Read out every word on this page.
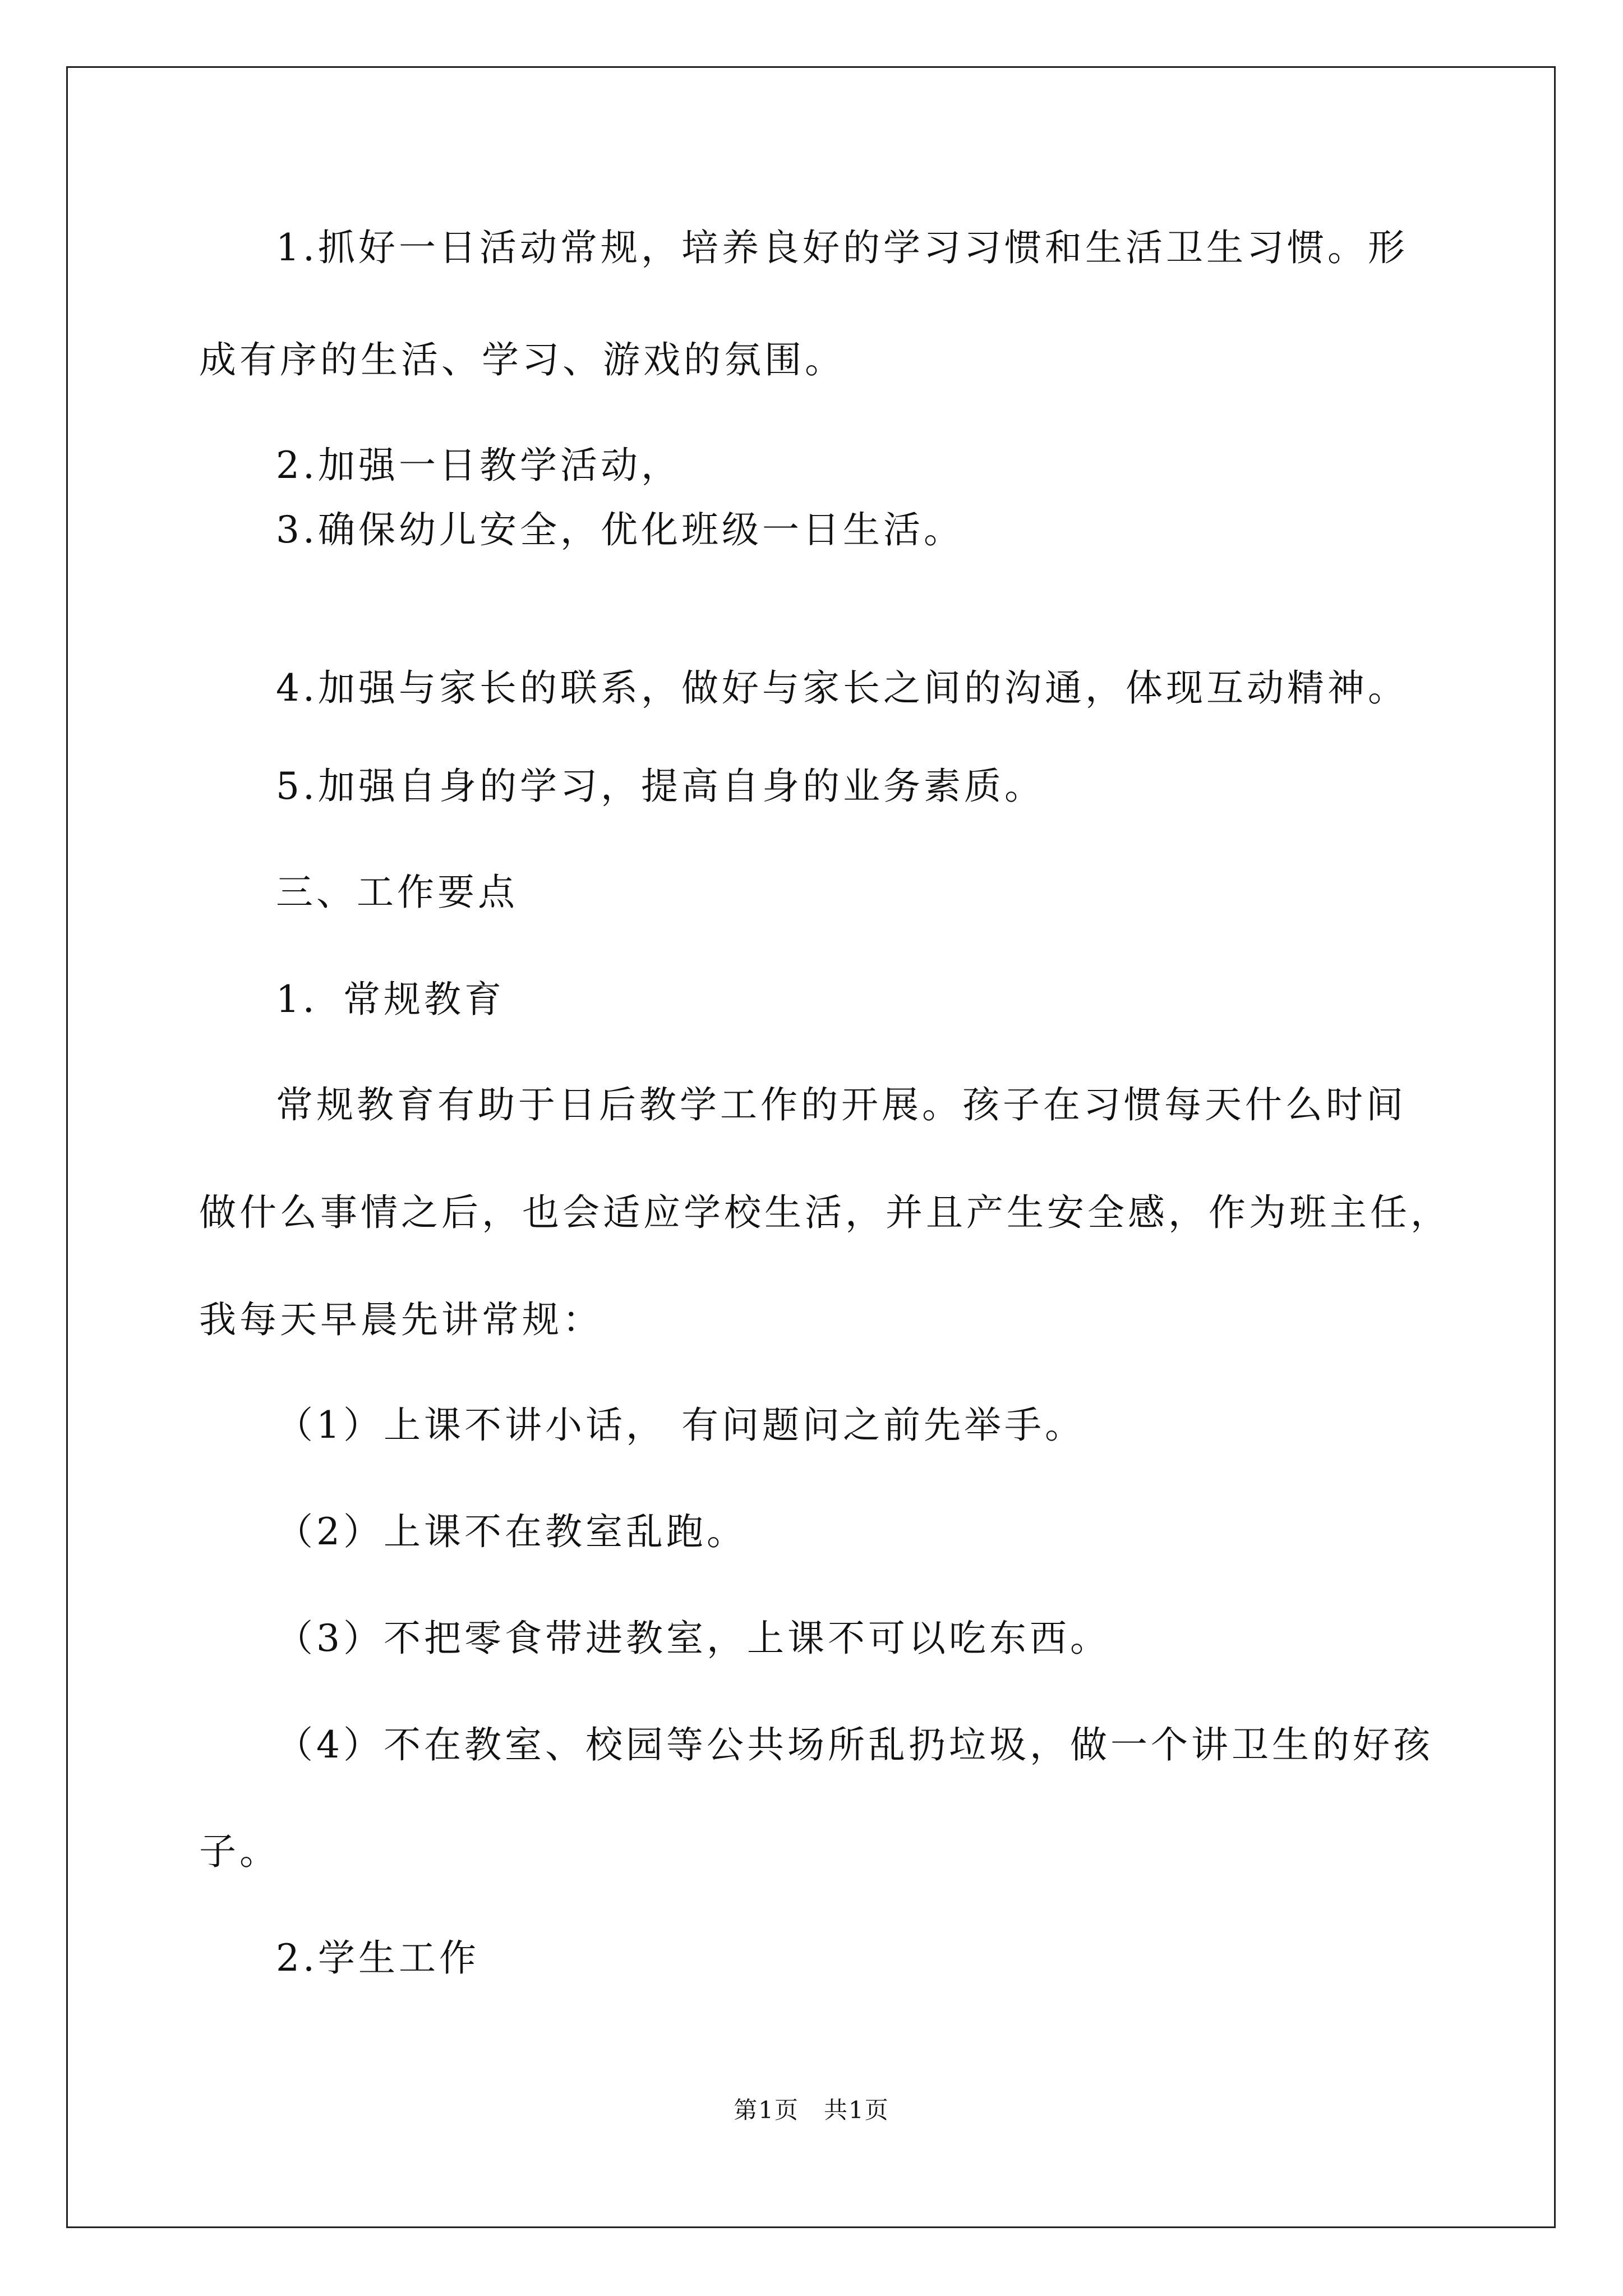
1.抓好一日活动常规，培养良好的学习习惯和生活卫生习惯。形

成有序的生活、学习、游戏的氛围。

2.加强一日教学活动，

3.确保幼儿安全，优化班级一日生活。

4.加强与家长的联系，做好与家长之间的沟通，体现互动精神。

5.加强自身的学习，提高自身的业务素质。

三、工作要点

1．常规教育

常规教育有助于日后教学工作的开展。孩子在习惯每天什么时间

做什么事情之后，也会适应学校生活，并且产生安全感，作为班主任，

我每天早晨先讲常规：

（1）上课不讲小话， 有问题问之前先举手。

（2）上课不在教室乱跑。

（3）不把零食带进教室，上课不可以吃东西。

（4）不在教室、校园等公共场所乱扔垃圾，做一个讲卫生的好孩

子。

2.学生工作

第1页　共1页
